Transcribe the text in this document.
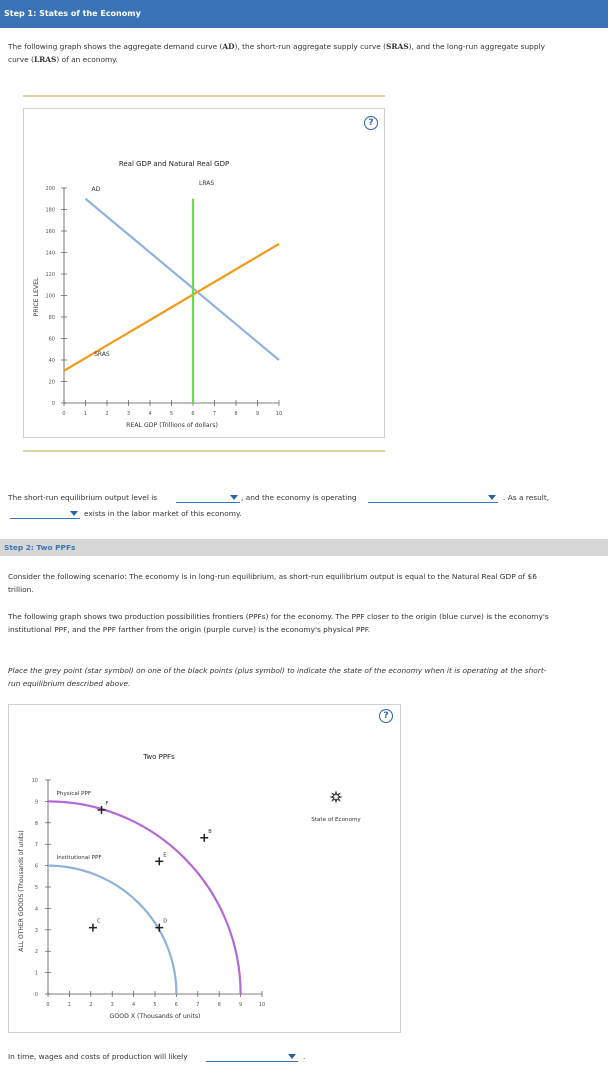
Step 1: States of the Economy
The following graph shows the aggregate demand curve (AD), the short-run aggregate supply curve (SRAS), and the long-run aggregate supply
curve (LRAS) of an economy.
?
Real GDP and Natural Real GDP
0
20
40
60
80
100
120
140
160
180
200
0	1	2	3	4	5	6	7	8	9	10
REAL GDP (Trillions of dollars)
PRICE LEVEL
AD
SRAS
LRAS
The short-run equilibrium output level is	, and the economy is operating	. As a result,
exists in the labor market of this economy.
Step 2: Two PPFs
Consider the following scenario: The economy is in long-run equilibrium, as short-run equilibrium output is equal to the Natural Real GDP of $6
trillion.
The following graph shows two production possibilities frontiers (PPFs) for the economy. The PPF closer to the origin (blue curve) is the economy's
institutional PPF, and the PPF farther from the origin (purple curve) is the economy's physical PPF.
Place the grey point (star symbol) on one of the black points (plus symbol) to indicate the state of the economy when it is operating at the short-
run equilibrium described above.
?
Two PPFs
0
1
2
3
4
5
6
7
8
9
10
0	1	2	3	4	5	6	7	8	9	10
GOOD X (Thousands of units)
ALL OTHER GOODS (Thousands of units)
Physical PPF
Institutional PPF
F
B
E
C	D
State of Economy
In time, wages and costs of production will likely	.
